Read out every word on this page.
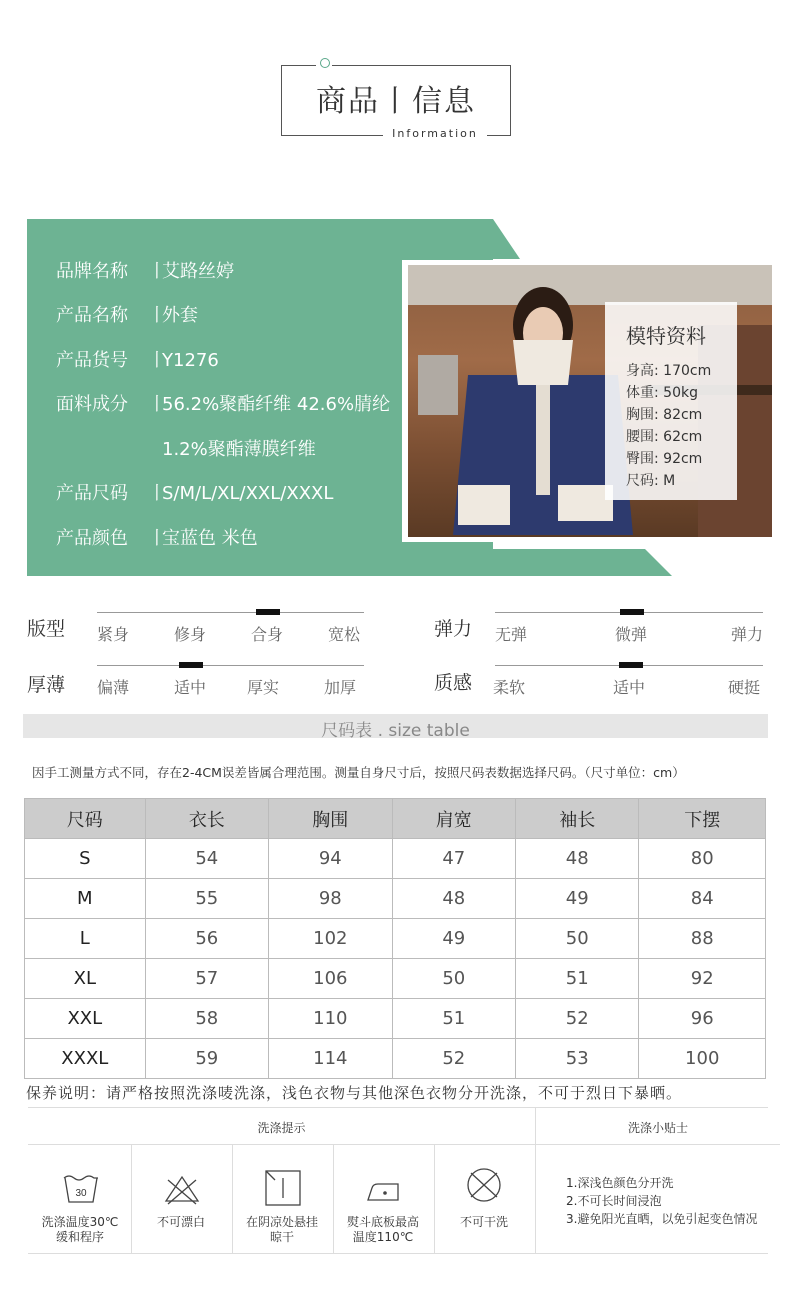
商品丨信息
Information
品牌名称 丨艾路丝婷
产品名称 丨外套
产品货号 丨Y1276
面料成分 丨56.2%聚酯纤维 42.6%腈纶
1.2%聚酯薄膜纤维
产品尺码 丨S/M/L/XL/XXL/XXXL
产品颜色 丨宝蓝色 米色
模特资料
身高: 170cm
体重: 50kg
胸围: 82cm
腰围: 62cm
臀围: 92cm
尺码: M
版型 紧身	修身	合身	宽松	弹力 无弹	微弹	弹力
厚薄 偏薄	适中	厚实	加厚	质感 柔软	适中	硬挺
尺码表 . size table
因手工测量方式不同，存在2-4CM误差皆属合理范围。测量自身尺寸后，按照尺码表数据选择尺码。（尺寸单位：cm）
尺码	衣长	胸围	肩宽	袖长	下摆
S	54	94	47	48	80
M	55	98	48	49	84
L	56	102	49	50	88
XL	57	106	50	51	92
XXL	58	110	51	52	96
XXXL	59	114	52	53	100
保养说明：请严格按照洗涤唛洗涤，浅色衣物与其他深色衣物分开洗涤，不可于烈日下暴晒。
洗涤提示	洗涤小贴士
30
洗涤温度30℃
缓和程序
不可漂白	在阴凉处悬挂
晾干
熨斗底板最高
温度110℃
不可干洗
1.深浅色颜色分开洗
2.不可长时间浸泡
3.避免阳光直晒，以免引起变色情况
